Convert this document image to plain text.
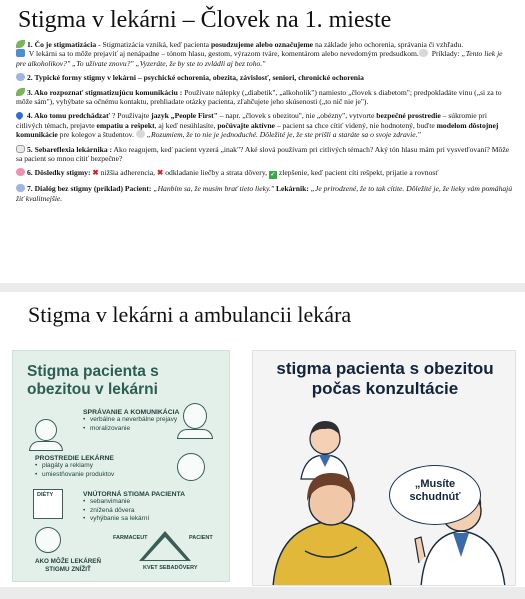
Stigma v lekárni – Človek na 1. mieste

1. Čo je stigmatizácia - Stigmatizácia vzniká, keď pacienta posudzujeme alebo označujeme na základe jeho ochorenia, správania či vzhľadu.
V lekárni sa to môže prejaviť aj nenápadne – tónom hlasu, gestom, výrazom tváre, komentárom alebo nevedomým predsudkom. Príklady: „Tento liek je pre alkoholikov?" „To užívate znovu?" „Vyzeráte, že by ste to zvládli aj bez toho."

2. Typické formy stigmy v lekárni – psychické ochorenia, obezita, závislosť, seniori, chronické ochorenia

3. Ako rozpoznať stigmatizujúcu komunikáciu : Používate nálepky („diabetik", „alkoholik") namiesto „človek s diabetom"; predpokladáte vinu („si za to môže sám"), vyhýbate sa očnému kontaktu, prehliadate otázky pacienta, zľahčujete jeho skúsenosti („to nič nie je").

4. Ako tomu predchádzať ? Používajte jazyk „People First" – napr. „človek s obezitou", nie „obézny", vytvorte bezpečné prostredie – súkromie pri citlivých témach, prejavte empatiu a rešpekt, aj keď nesúhlasíte, počúvajte aktívne – pacient sa chce cítiť videný, nie hodnotený, buďte modelom dôstojnej komunikácie pre kolegov a študentov. „Rozumiem, že to nie je jednoduché. Dôležité je, že ste prišli a staráte sa o svoje zdravie."

5. Sebareflexia lekárnika : Ako reagujem, keď pacient vyzerá „inak"? Aké slová používam pri citlivých témach? Aký tón hlasu mám pri vysvetľovaní? Môže sa pacient so mnou cítiť bezpečne?

6. Dôsledky stigmy: ✖ nižšia adherencia, ✖ odkladanie liečby a strata dôvery, ✓ zlepšenie, keď pacient cíti rešpekt, prijatie a rovnosť

7. Dialóg bez stigmy (príklad) Pacient: „Hanbím sa, že musím brať tieto lieky." Lekárnik: „Je prirodzené, že to tak cítite. Dôležité je, že lieky vám pomáhajú žiť kvalitnejšie.

Stigma v lekárni a ambulancii lekára
Stigma pacienta s obezitou v lekárni
SPRÁVANIE A KOMUNIKÁCIA
• verbálne a neverbálne prejavy
• moralizovanie
PROSTREDIE LEKÁRNE
• plagáty a reklamy
• umiestňovanie produktov
DIÉTY	VNÚTORNÁ STIGMA PACIENTA
• sebanvimanie
• znížená dôvera
• vyhýbanie sa lekární
FARMACEUT	PACIENT
KVET SEBADÔVERY
AKO MÔŽE LEKÁREŇ STIGMU ZNÍŽIŤ
stigma pacienta s obezitou počas konzultácie
„Musíte schudnúť
